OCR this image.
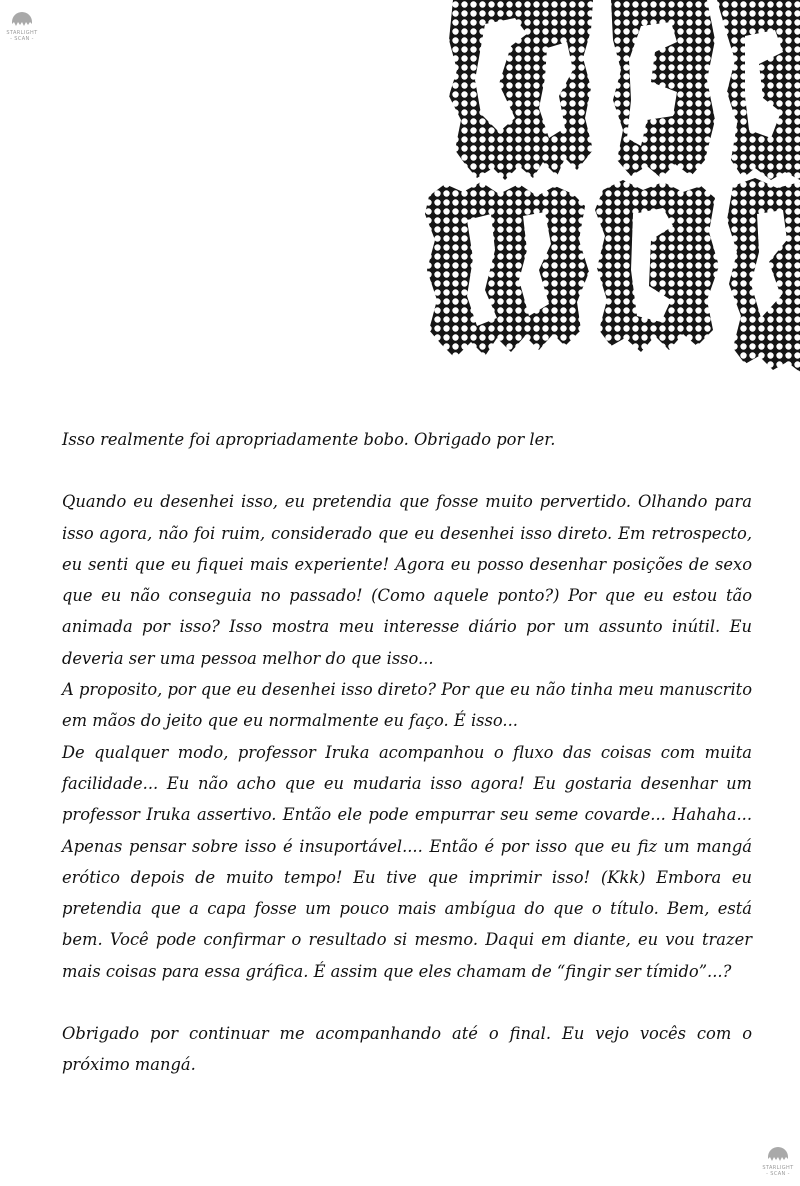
STARLIGHT
- SCAN -

Isso realmente foi apropriadamente bobo. Obrigado por ler.

Quando eu desenhei isso, eu pretendia que fosse muito pervertido. Olhando para isso agora, não foi ruim, considerado que eu desenhei isso direto. Em retrospecto, eu senti que eu fiquei mais experiente! Agora eu posso desenhar posições de sexo que eu não conseguia no passado! (Como aquele ponto?) Por que eu estou tão animada por isso? Isso mostra meu interesse diário por um assunto inútil. Eu deveria ser uma pessoa melhor do que isso...

A proposito, por que eu desenhei isso direto? Por que eu não tinha meu manuscrito em mãos do jeito que eu normalmente eu faço. É isso...

De qualquer modo, professor Iruka acompanhou o fluxo das coisas com muita facilidade... Eu não acho que eu mudaria isso agora! Eu gostaria desenhar um professor Iruka assertivo. Então ele pode empurrar seu seme covarde... Hahaha... Apenas pensar sobre isso é insuportável.... Então é por isso que eu fiz um mangá erótico depois de muito tempo! Eu tive que imprimir isso! (Kkk) Embora eu pretendia que a capa fosse um pouco mais ambígua do que o título. Bem, está bem. Você pode confirmar o resultado si mesmo. Daqui em diante, eu vou trazer mais coisas para essa gráfica. É assim que eles chamam de “fingir ser tímido”...?

Obrigado por continuar me acompanhando até o final. Eu vejo vocês com o próximo mangá.

STARLIGHT
- SCAN -
